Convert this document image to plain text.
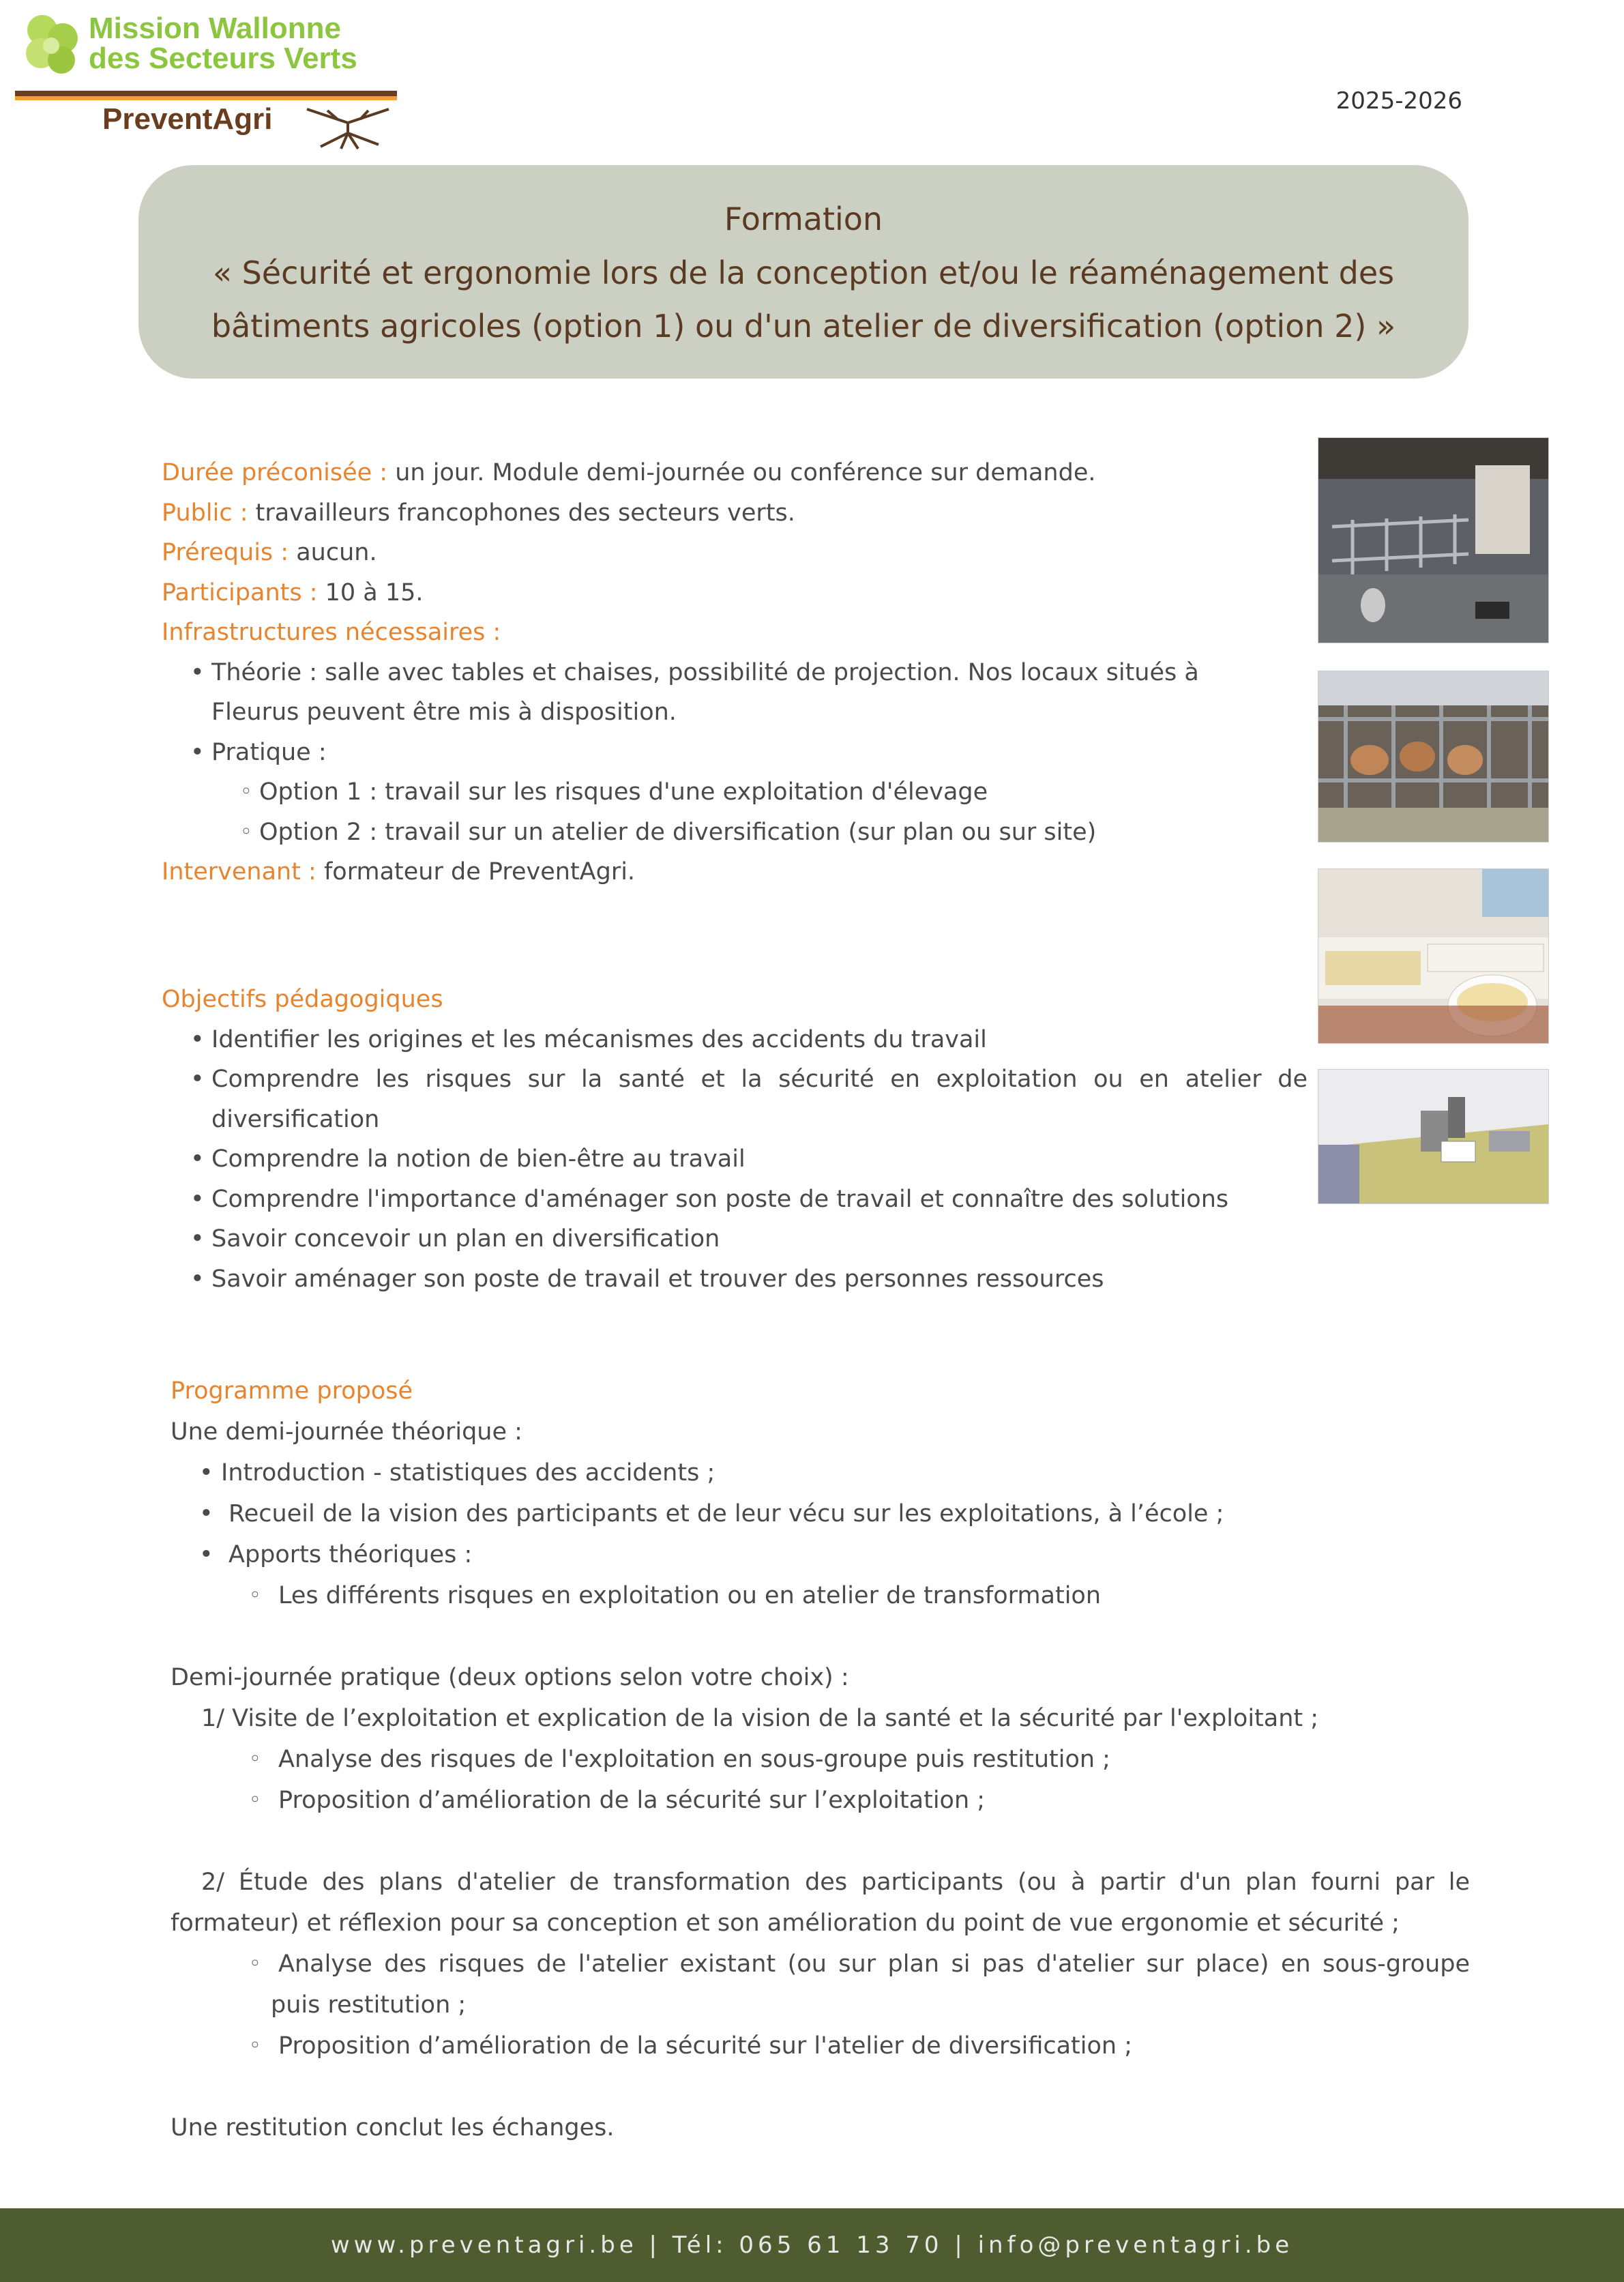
Mission Wallonne
des Secteurs Verts
PreventAgri
2025-2026
Formation
« Sécurité et ergonomie lors de la conception et/ou le réaménagement des
bâtiments agricoles (option 1) ou d'un atelier de diversification (option 2) »
Durée préconisée : un jour. Module demi-journée ou conférence sur demande.
Public : travailleurs francophones des secteurs verts.
Prérequis : aucun.
Participants : 10 à 15.
Infrastructures nécessaires :
• Théorie : salle avec tables et chaises, possibilité de projection. Nos locaux situés à
Fleurus peuvent être mis à disposition.
• Pratique :
◦ Option 1 : travail sur les risques d'une exploitation d'élevage
◦ Option 2 : travail sur un atelier de diversification (sur plan ou sur site)
Intervenant : formateur de PreventAgri.
Objectifs pédagogiques
• Identifier les origines et les mécanismes des accidents du travail
• Comprendre les risques sur la santé et la sécurité en exploitation ou en atelier de
diversification
• Comprendre la notion de bien-être au travail
• Comprendre l'importance d'aménager son poste de travail et connaître des solutions
• Savoir concevoir un plan en diversification
• Savoir aménager son poste de travail et trouver des personnes ressources
Programme proposé
Une demi-journée théorique :
• Introduction - statistiques des accidents ;
• Recueil de la vision des participants et de leur vécu sur les exploitations, à l’école ;
• Apports théoriques :
◦ Les différents risques en exploitation ou en atelier de transformation
Demi-journée pratique (deux options selon votre choix) :
1/ Visite de l’exploitation et explication de la vision de la santé et la sécurité par l'exploitant ;
◦ Analyse des risques de l'exploitation en sous-groupe puis restitution ;
◦ Proposition d’amélioration de la sécurité sur l’exploitation ;
2/ Étude des plans d'atelier de transformation des participants (ou à partir d'un plan fourni par le
formateur) et réflexion pour sa conception et son amélioration du point de vue ergonomie et sécurité ;
◦ Analyse des risques de l'atelier existant (ou sur plan si pas d'atelier sur place) en sous-groupe
puis restitution ;
◦ Proposition d’amélioration de la sécurité sur l'atelier de diversification ;
Une restitution conclut les échanges.
www.preventagri.be | Tél: 065 61 13 70 | info@preventagri.be
